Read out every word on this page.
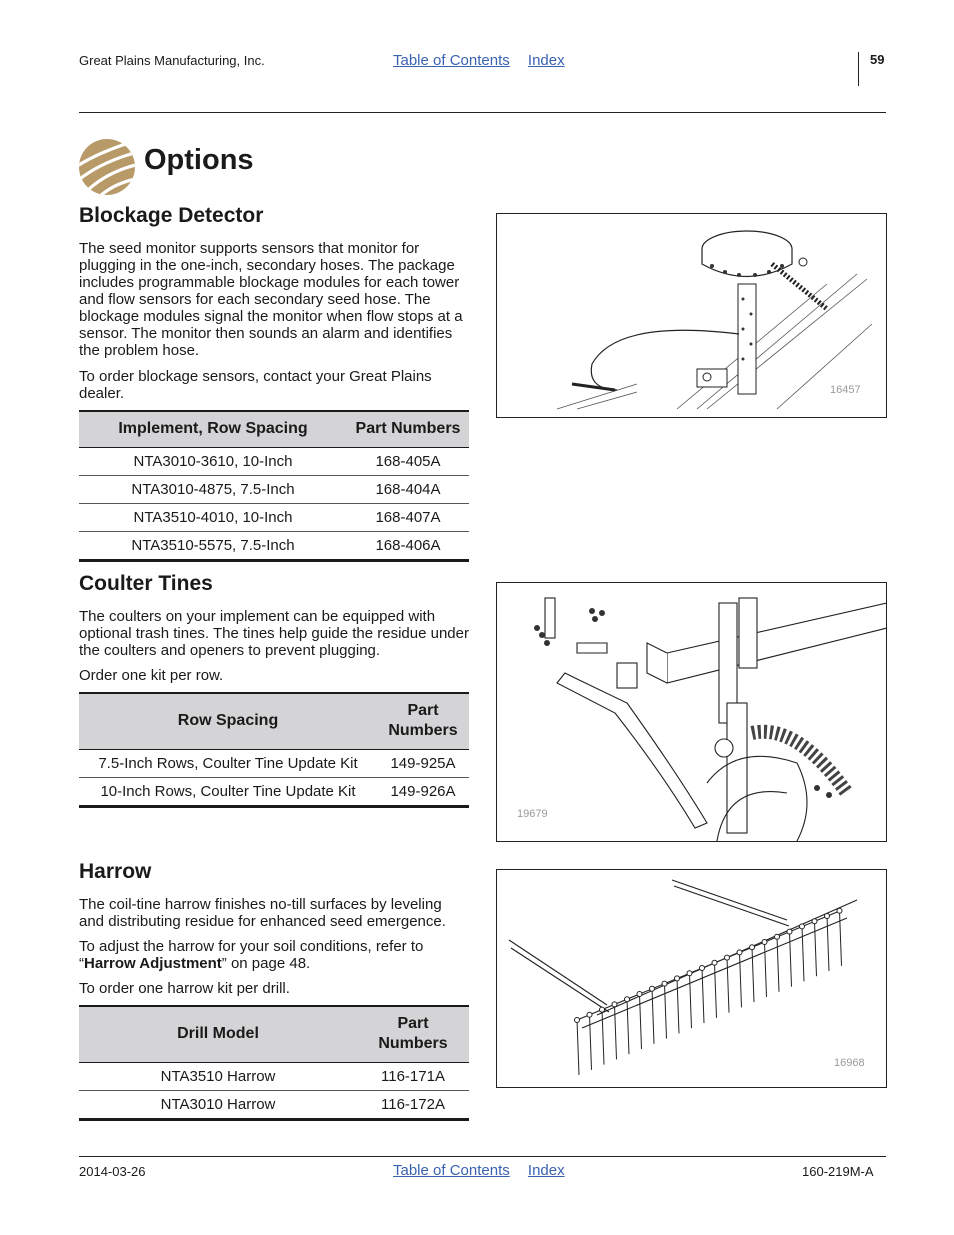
Great Plains Manufacturing, Inc.	Table of Contents Index	59
Options
Blockage Detector
The seed monitor supports sensors that monitor for plugging in the one-inch, secondary hoses. The package includes programmable blockage modules for each tower and flow sensors for each secondary seed hose. The blockage modules signal the monitor when flow stops at a sensor. The monitor then sounds an alarm and identifies the problem hose.
To order blockage sensors, contact your Great Plains dealer.
Implement, Row Spacing	Part Numbers
NTA3010-3610, 10-Inch	168-405A
NTA3010-4875, 7.5-Inch	168-404A
NTA3510-4010, 10-Inch	168-407A
NTA3510-5575, 7.5-Inch	168-406A
16457
Coulter Tines
The coulters on your implement can be equipped with optional trash tines. The tines help guide the residue under the coulters and openers to prevent plugging.
Order one kit per row.
Row Spacing	Part
Numbers

7.5-Inch Rows, Coulter Tine Update Kit	149-925A
10-Inch Rows, Coulter Tine Update Kit	149-926A
19679
Harrow
The coil-tine harrow finishes no-till surfaces by leveling and distributing residue for enhanced seed emergence.
To adjust the harrow for your soil conditions, refer to “Harrow Adjustment” on page 48.
To order one harrow kit per drill.
Drill Model	Part
Numbers

NTA3510 Harrow	116-171A
NTA3010 Harrow	116-172A
16968
2014-03-26	Table of Contents Index	160-219M-A
